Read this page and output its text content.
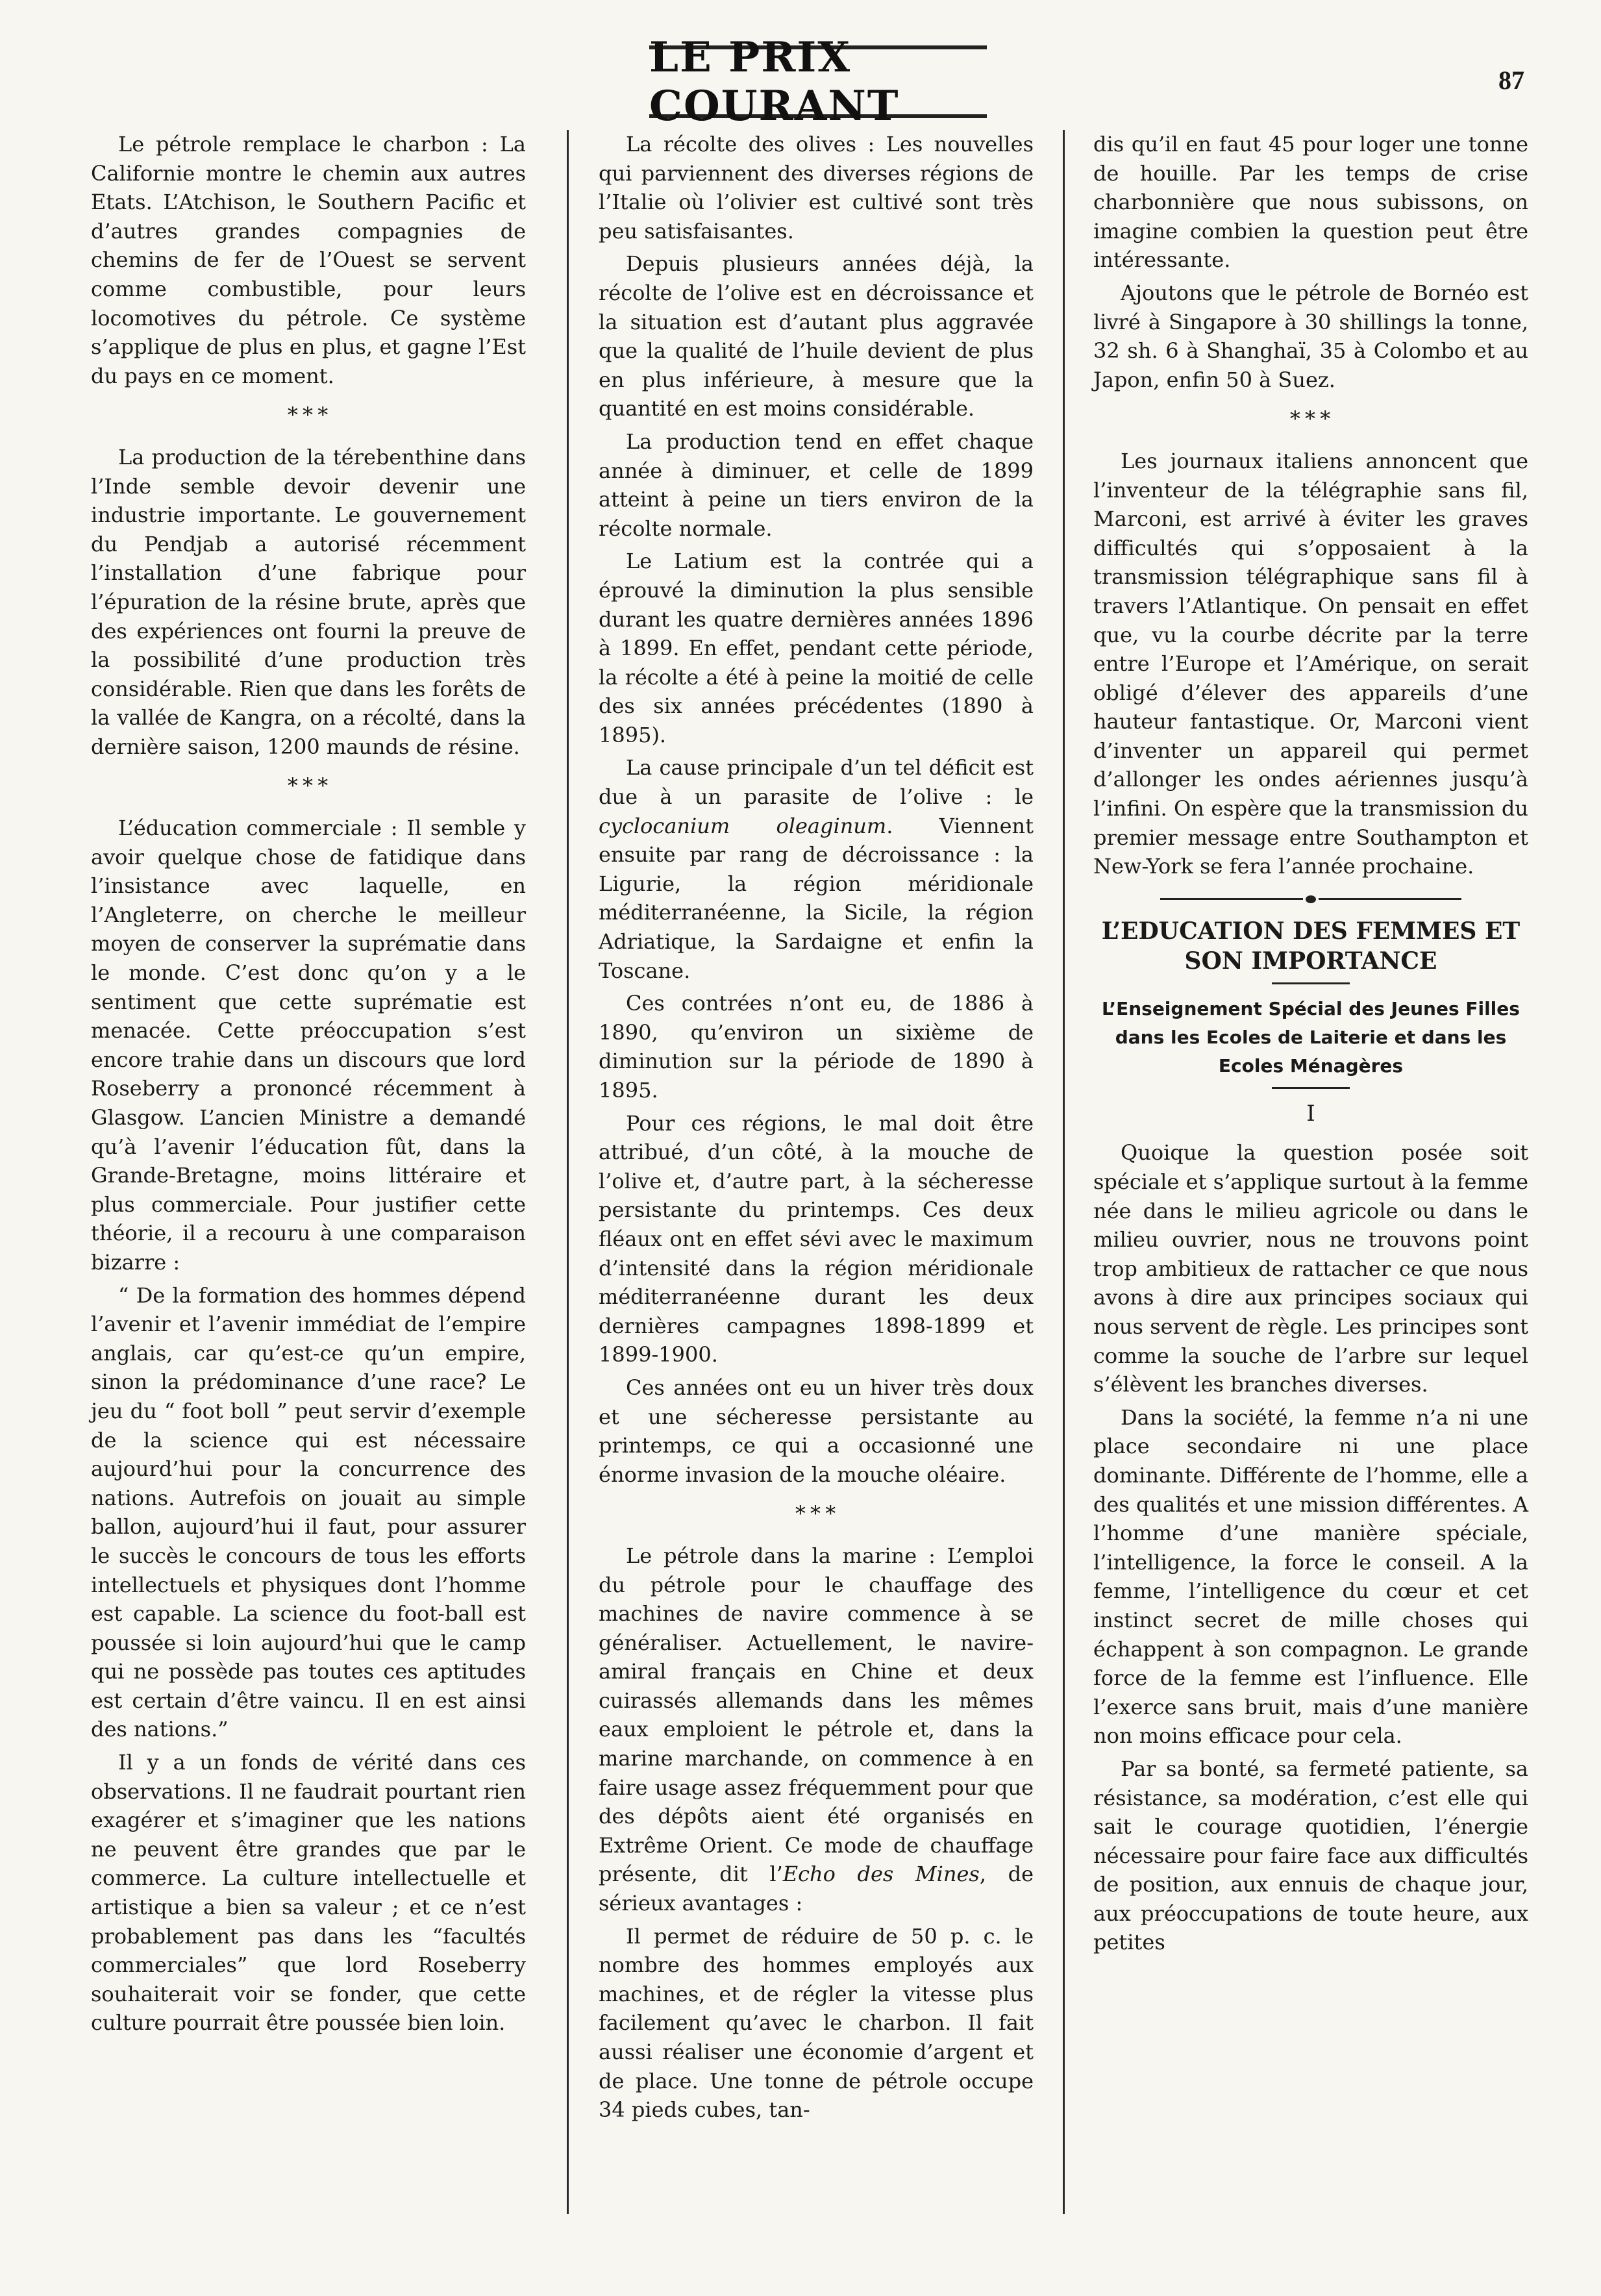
LE PRIX COURANT
87

Le pétrole remplace le charbon : La Californie montre le chemin aux autres Etats. L’Atchison, le Southern Pacific et d’autres grandes compagnies de chemins de fer de l’Ouest se servent comme combustible, pour leurs locomotives du pétrole. Ce système s’applique de plus en plus, et gagne l’Est du pays en ce moment.

* * *

La production de la térebenthine dans l’Inde semble devoir devenir une industrie importante. Le gouvernement du Pendjab a autorisé récemment l’installation d’une fabrique pour l’épuration de la résine brute, après que des expériences ont fourni la preuve de la possibilité d’une production très considérable. Rien que dans les forêts de la vallée de Kangra, on a récolté, dans la dernière saison, 1200 maunds de résine.

* * *

L’éducation commerciale : Il semble y avoir quelque chose de fatidique dans l’insistance avec laquelle, en l’Angleterre, on cherche le meilleur moyen de conserver la suprématie dans le monde. C’est donc qu’on y a le sentiment que cette suprématie est menacée. Cette préoccupation s’est encore trahie dans un discours que lord Roseberry a prononcé récemment à Glasgow. L’ancien Ministre a demandé qu’à l’avenir l’éducation fût, dans la Grande-Bretagne, moins littéraire et plus commerciale. Pour justifier cette théorie, il a recouru à une comparaison bizarre :

“ De la formation des hommes dépend l’avenir et l’avenir immédiat de l’empire anglais, car qu’est-ce qu’un empire, sinon la prédominance d’une race? Le jeu du “ foot boll ” peut servir d’exemple de la science qui est nécessaire aujourd’hui pour la concurrence des nations. Autrefois on jouait au simple ballon, aujourd’hui il faut, pour assurer le succès le concours de tous les efforts intellectuels et physiques dont l’homme est capable. La science du foot-ball est poussée si loin aujourd’hui que le camp qui ne possède pas toutes ces aptitudes est certain d’être vaincu. Il en est ainsi des nations.”

Il y a un fonds de vérité dans ces observations. Il ne faudrait pourtant rien exagérer et s’imaginer que les nations ne peuvent être grandes que par le commerce. La culture intellectuelle et artistique a bien sa valeur ; et ce n’est probablement pas dans les “facultés commerciales” que lord Roseberry souhaiterait voir se fonder, que cette culture pourrait être poussée bien loin.

La récolte des olives : Les nouvelles qui parviennent des diverses régions de l’Italie où l’olivier est cultivé sont très peu satisfaisantes.

Depuis plusieurs années déjà, la récolte de l’olive est en décroissance et la situation est d’autant plus aggravée que la qualité de l’huile devient de plus en plus inférieure, à mesure que la quantité en est moins considérable.

La production tend en effet chaque année à diminuer, et celle de 1899 atteint à peine un tiers environ de la récolte normale.

Le Latium est la contrée qui a éprouvé la diminution la plus sensible durant les quatre dernières années 1896 à 1899. En effet, pendant cette période, la récolte a été à peine la moitié de celle des six années précédentes (1890 à 1895).

La cause principale d’un tel déficit est due à un parasite de l’olive : le cyclocanium oleaginum. Viennent ensuite par rang de décroissance : la Ligurie, la région méridionale méditerranéenne, la Sicile, la région Adriatique, la Sardaigne et enfin la Toscane.

Ces contrées n’ont eu, de 1886 à 1890, qu’environ un sixième de diminution sur la période de 1890 à 1895.

Pour ces régions, le mal doit être attribué, d’un côté, à la mouche de l’olive et, d’autre part, à la sécheresse persistante du printemps. Ces deux fléaux ont en effet sévi avec le maximum d’intensité dans la région méridionale méditerranéenne durant les deux dernières campagnes 1898-1899 et 1899-1900.

Ces années ont eu un hiver très doux et une sécheresse persistante au printemps, ce qui a occasionné une énorme invasion de la mouche oléaire.

* * *

Le pétrole dans la marine : L’emploi du pétrole pour le chauffage des machines de navire commence à se généraliser. Actuellement, le navire-amiral français en Chine et deux cuirassés allemands dans les mêmes eaux emploient le pétrole et, dans la marine marchande, on commence à en faire usage assez fréquemment pour que des dépôts aient été organisés en Extrême Orient. Ce mode de chauffage présente, dit l’Echo des Mines, de sérieux avantages :

Il permet de réduire de 50 p. c. le nombre des hommes employés aux machines, et de régler la vitesse plus facilement qu’avec le charbon. Il fait aussi réaliser une économie d’argent et de place. Une tonne de pétrole occupe 34 pieds cubes, tan-

dis qu’il en faut 45 pour loger une tonne de houille. Par les temps de crise charbonnière que nous subissons, on imagine combien la question peut être intéressante.

Ajoutons que le pétrole de Bornéo est livré à Singapore à 30 shillings la tonne, 32 sh. 6 à Shanghaï, 35 à Colombo et au Japon, enfin 50 à Suez.

* * *

Les journaux italiens annoncent que l’inventeur de la télégraphie sans fil, Marconi, est arrivé à éviter les graves difficultés qui s’opposaient à la transmission télégraphique sans fil à travers l’Atlantique. On pensait en effet que, vu la courbe décrite par la terre entre l’Europe et l’Amérique, on serait obligé d’élever des appareils d’une hauteur fantastique. Or, Marconi vient d’inventer un appareil qui permet d’allonger les ondes aériennes jusqu’à l’infini. On espère que la transmission du premier message entre Southampton et New-York se fera l’année prochaine.

L’EDUCATION DES FEMMES ET SON IMPORTANCE
L’Enseignement Spécial des Jeunes Filles dans les Ecoles de Laiterie et dans les Ecoles Ménagères
I

Quoique la question posée soit spéciale et s’applique surtout à la femme née dans le milieu agricole ou dans le milieu ouvrier, nous ne trouvons point trop ambitieux de rattacher ce que nous avons à dire aux principes sociaux qui nous servent de règle. Les principes sont comme la souche de l’arbre sur lequel s’élèvent les branches diverses.

Dans la société, la femme n’a ni une place secondaire ni une place dominante. Différente de l’homme, elle a des qualités et une mission différentes. A l’homme d’une manière spéciale, l’intelligence, la force le conseil. A la femme, l’intelligence du cœur et cet instinct secret de mille choses qui échappent à son compagnon. Le grande force de la femme est l’influence. Elle l’exerce sans bruit, mais d’une manière non moins efficace pour cela.

Par sa bonté, sa fermeté patiente, sa résistance, sa modération, c’est elle qui sait le courage quotidien, l’énergie nécessaire pour faire face aux difficultés de position, aux ennuis de chaque jour, aux préoccupations de toute heure, aux petites
